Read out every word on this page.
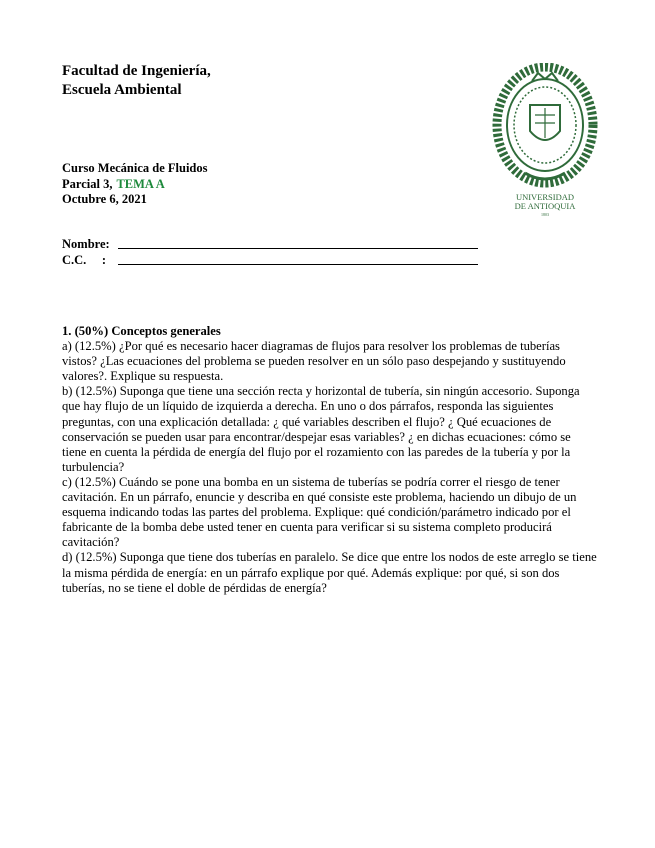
Facultad de Ingeniería,
Escuela Ambiental
Curso Mecánica de Fluidos
Parcial 3, TEMA A
Octubre 6, 2021	UNIVERSIDAD
DE ANTIOQUIA
1803
Nombre:
C.C.     :
1. (50%) Conceptos generales

a) (12.5%) ¿Por qué es necesario hacer diagramas de flujos para resolver los problemas de tuberías vistos? ¿Las ecuaciones del problema se pueden resolver en un sólo paso despejando y sustituyendo valores?. Explique su respuesta.

b) (12.5%) Suponga que tiene una sección recta y horizontal de tubería, sin ningún accesorio. Suponga que hay flujo de un líquido de izquierda a derecha. En uno o dos párrafos, responda las siguientes preguntas, con una explicación detallada: ¿ qué variables describen el flujo? ¿ Qué ecuaciones de conservación se pueden usar para encontrar/despejar esas variables? ¿ en dichas ecuaciones: cómo se tiene en cuenta la pérdida de energía del flujo por el rozamiento con las paredes de la tubería y por la turbulencia?

c) (12.5%) Cuándo se pone una bomba en un sistema de tuberías se podría correr el riesgo de tener cavitación. En un párrafo, enuncie y describa en qué consiste este problema, haciendo un dibujo de un esquema indicando todas las partes del problema. Explique: qué condición/parámetro indicado por el fabricante de la bomba debe usted tener en cuenta para verificar si su sistema completo producirá cavitación?

d) (12.5%) Suponga que tiene dos tuberías en paralelo. Se dice que entre los nodos de este arreglo se tiene la misma pérdida de energía: en un párrafo explique por qué. Además explique: por qué, si son dos tuberías, no se tiene el doble de pérdidas de energía?
